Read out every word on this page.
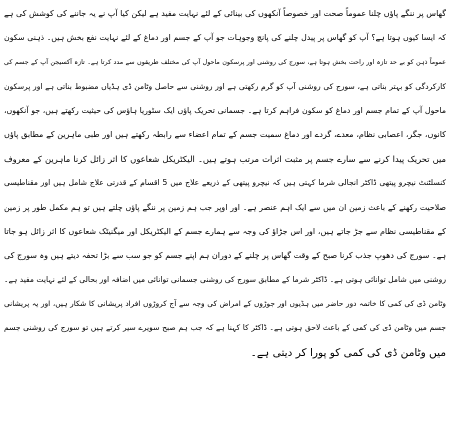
گھاس پر ننگے پاؤں چلنا عموماً صحت اور خصوصاً آنکھوں کی بینائی کے لئے نہایت مفید ہے لیکن کیا آپ نے یہ جاننے کی کوشش کی ہے
کہ ایسا کیوں ہوتا ہے؟ آپ کو گھاس پر پیدل چلنے کی پانچ وجوہات جو آپ کے جسم اور دماغ کے لئے نہایت نفع بخش ہیں۔ ذہنی سکون
عموماً ذہن کو بے حد تازہ اور راحت بخش ہوتا ہے، سورج کی روشنی اور پرسکون ماحول آپ کی مختلف طریقوں سے مدد کرتا ہے۔ تازہ آکسیجن آپ کے جسم کی
کارکردگی کو بہتر بناتی ہے، سورج کی روشنی آپ کو گرم رکھتی ہے اور روشنی سے حاصل وٹامن ڈی ہڈیاں مضبوط بناتی ہے اور پرسکون
ماحول آپ کے تمام جسم اور دماغ کو سکون فراہم کرتا ہے۔ جسمانی تحریک پاؤں ایک سٹوریا ہاؤس کی حیثیت رکھتے ہیں، جو آنکھوں،
کانوں، جگر، اعصابی نظام، معدے، گردے اور دماغ سمیت جسم کے تمام اعضاء سے رابطہ رکھتے ہیں اور طبی ماہرین کے مطابق پاؤں
میں تحریک پیدا کرنے سے سارے جسم پر مثبت اثرات مرتب ہوتے ہیں۔ الیکٹریکل شعاعوں کا اثر زائل کرنا ماہرین کے معروف
کنسلٹنٹ نیچرو پیتھی ڈاکٹر انجالی شرما کہتی ہیں کہ نیچرو پیتھی کے ذریعے علاج میں 5 اقسام کے قدرتی علاج شامل ہیں اور مقناطیسی
صلاحیت رکھنے کے باعث زمین ان میں سے ایک اہم عنصر ہے۔ اور اوپر جب ہم زمین پر ننگے پاؤں چلتے ہیں تو ہم مکمل طور پر زمین
کے مقناطیسی نظام سے جڑ جاتے ہیں، اور اس جڑاؤ کی وجہ سے ہمارے جسم کے الیکٹریکل اور میگنیٹک شعاعوں کا اثر زائل ہو جاتا
ہے۔ سورج کی دھوپ جذب کرنا صبح کے وقت گھاس پر چلنے کے دوران ہم اپنے جسم کو جو سب سے بڑا تحفہ دیتے ہیں وہ سورج کی
روشنی میں شامل توانائی ہوتی ہے۔ ڈاکٹر شرما کے مطابق سورج کی روشنی جسمانی توانائی میں اضافہ اور بحالی کے لئے نہایت مفید ہے۔
وٹامن ڈی کی کمی کا خاتمہ دور حاضر میں ہڈیوں اور جوڑوں کے امراض کی وجہ سے آج کروڑوں افراد پریشانی کا شکار ہیں، اور یہ پریشانی
جسم میں وٹامن ڈی کی کمی کے باعث لاحق ہوتی ہے۔ ڈاکٹر کا کہنا ہے کہ جب ہم صبح سویرے سیر کرتے ہیں تو سورج کی روشنی جسم
میں وٹامن ڈی کی کمی کو پورا کر دیتی ہے۔
